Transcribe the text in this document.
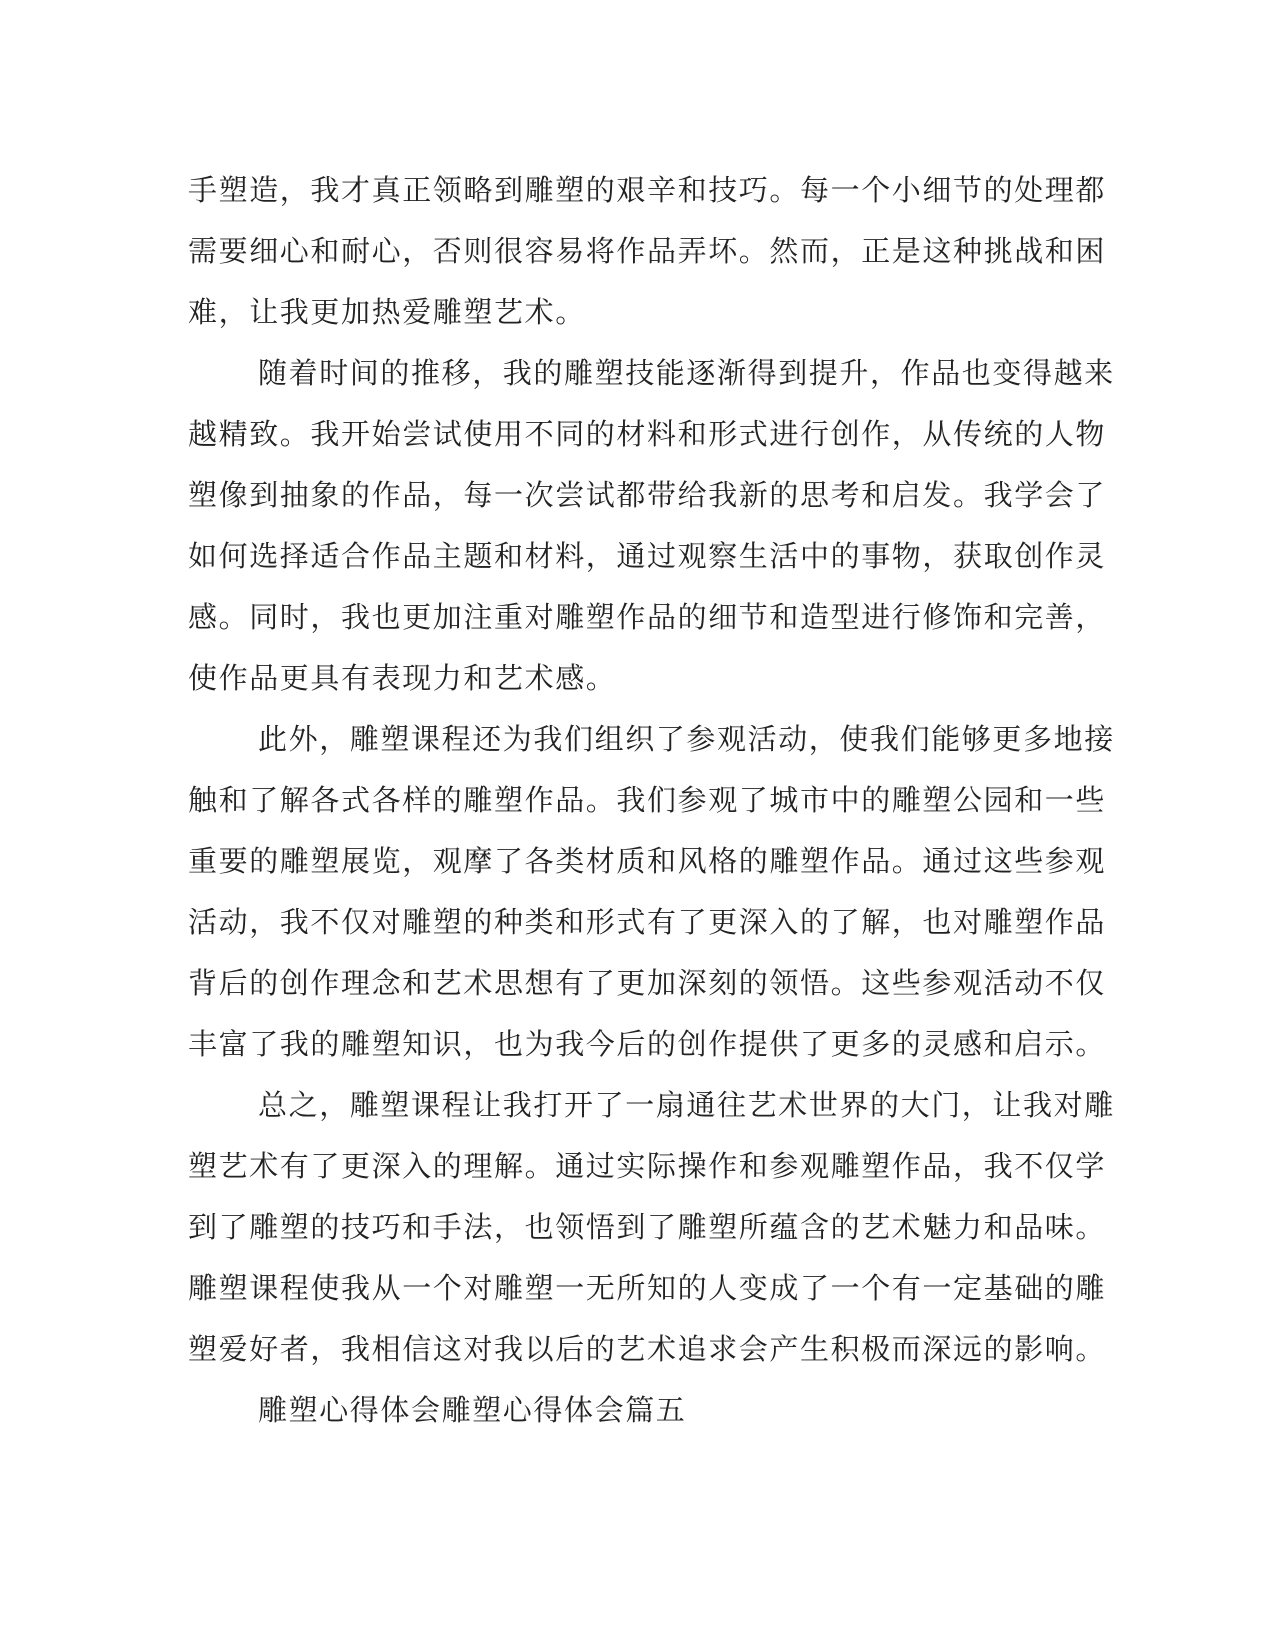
手塑造，我才真正领略到雕塑的艰辛和技巧。每一个小细节的处理都
需要细心和耐心，否则很容易将作品弄坏。然而，正是这种挑战和困
难，让我更加热爱雕塑艺术。
随着时间的推移，我的雕塑技能逐渐得到提升，作品也变得越来
越精致。我开始尝试使用不同的材料和形式进行创作，从传统的人物
塑像到抽象的作品，每一次尝试都带给我新的思考和启发。我学会了
如何选择适合作品主题和材料，通过观察生活中的事物，获取创作灵
感。同时，我也更加注重对雕塑作品的细节和造型进行修饰和完善，
使作品更具有表现力和艺术感。
此外，雕塑课程还为我们组织了参观活动，使我们能够更多地接
触和了解各式各样的雕塑作品。我们参观了城市中的雕塑公园和一些
重要的雕塑展览，观摩了各类材质和风格的雕塑作品。通过这些参观
活动，我不仅对雕塑的种类和形式有了更深入的了解，也对雕塑作品
背后的创作理念和艺术思想有了更加深刻的领悟。这些参观活动不仅
丰富了我的雕塑知识，也为我今后的创作提供了更多的灵感和启示。
总之，雕塑课程让我打开了一扇通往艺术世界的大门，让我对雕
塑艺术有了更深入的理解。通过实际操作和参观雕塑作品，我不仅学
到了雕塑的技巧和手法，也领悟到了雕塑所蕴含的艺术魅力和品味。
雕塑课程使我从一个对雕塑一无所知的人变成了一个有一定基础的雕
塑爱好者，我相信这对我以后的艺术追求会产生积极而深远的影响。
雕塑心得体会雕塑心得体会篇五
